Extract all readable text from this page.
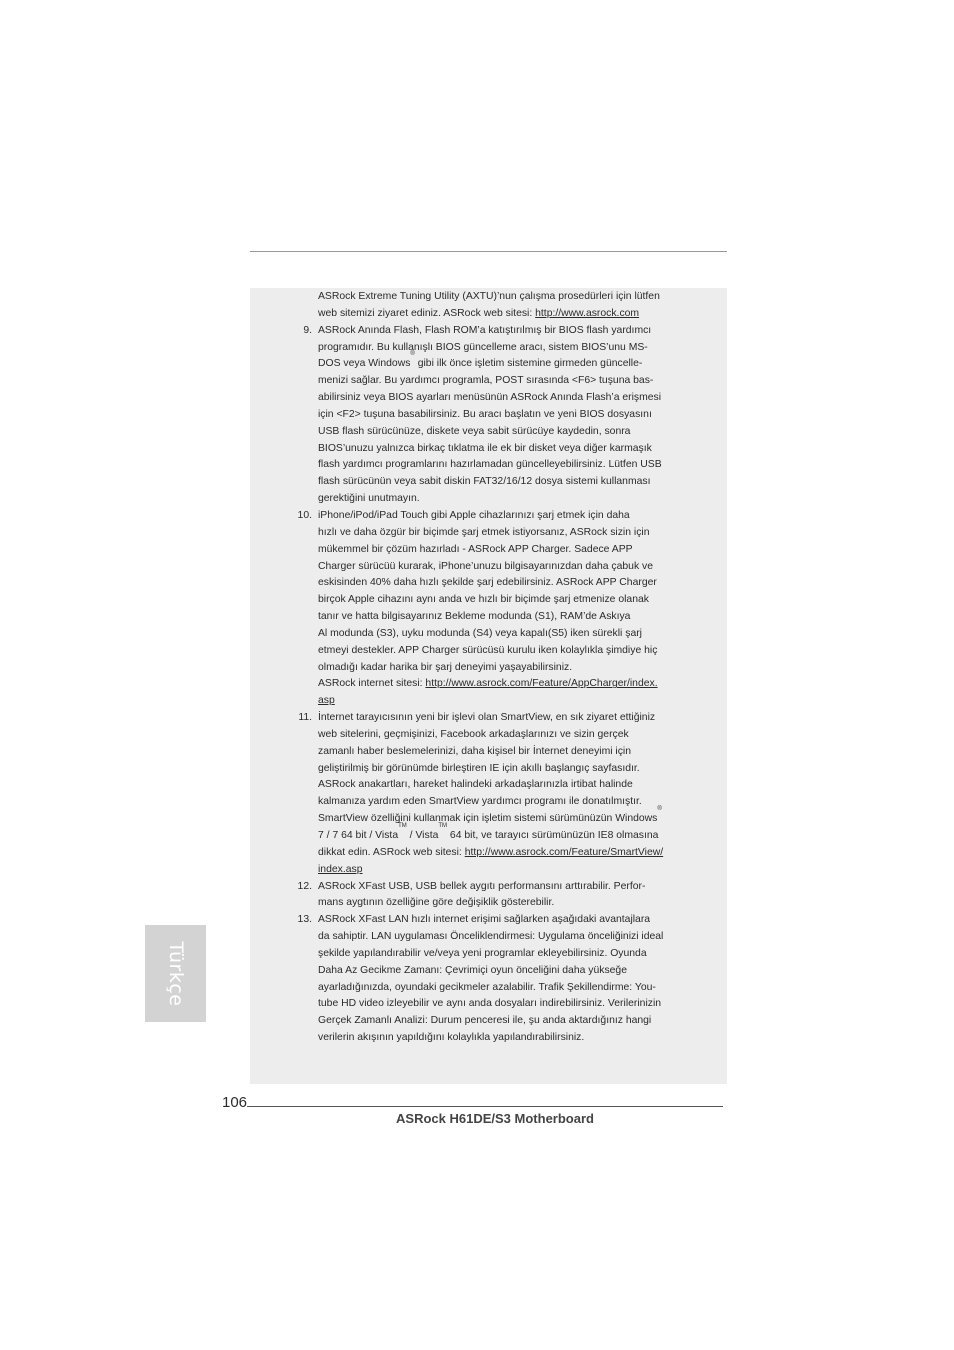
ASRock Extreme Tuning Utility (AXTU)’nun çalışma prosedürleri için lütfen
web sitemizi ziyaret ediniz. ASRock web sitesi: http://www.asrock.com
9. ASRock Anında Flash, Flash ROM’a katıştırılmış bir BIOS flash yardımcı
programıdır. Bu kullanışlı BIOS güncelleme aracı, sistem BIOS’unu MS-
DOS veya Windows® gibi ilk önce işletim sistemine girmeden güncelle-
menizi sağlar. Bu yardımcı programla, POST sırasında <F6> tuşuna bas-
abilirsiniz veya BIOS ayarları menüsünün ASRock Anında Flash’a erişmesi
için <F2> tuşuna basabilirsiniz. Bu aracı başlatın ve yeni BIOS dosyasını
USB flash sürücünüze, diskete veya sabit sürücüye kaydedin, sonra
BIOS’unuzu yalnızca birkaç tıklatma ile ek bir disket veya diğer karmaşık
flash yardımcı programlarını hazırlamadan güncelleyebilirsiniz. Lütfen USB
flash sürücünün veya sabit diskin FAT32/16/12 dosya sistemi kullanması
gerektiğini unutmayın.
10. iPhone/iPod/iPad Touch gibi Apple cihazlarınızı şarj etmek için daha
hızlı ve daha özgür bir biçimde şarj etmek istiyorsanız, ASRock sizin için
mükemmel bir çözüm hazırladı - ASRock APP Charger. Sadece APP
Charger sürücüü kurarak, iPhone’unuzu bilgisayarınızdan daha çabuk ve
eskisinden 40% daha hızlı şekilde şarj edebilirsiniz. ASRock APP Charger
birçok Apple cihazını aynı anda ve hızlı bir biçimde şarj etmenize olanak
tanır ve hatta bilgisayarınız Bekleme modunda (S1), RAM’de Askıya
Al modunda (S3), uyku modunda (S4) veya kapalı(S5) iken sürekli şarj
etmeyi destekler. APP Charger sürücüsü kurulu iken kolaylıkla şimdiye hiç
olmadığı kadar harika bir şarj deneyimi yaşayabilirsiniz.
ASRock internet sitesi: http://www.asrock.com/Feature/AppCharger/index.
asp
11. İnternet tarayıcısının yeni bir işlevi olan SmartView, en sık ziyaret ettiğiniz
web sitelerini, geçmişinizi, Facebook arkadaşlarınızı ve sizin gerçek
zamanlı haber beslemelerinizi, daha kişisel bir İnternet deneyimi için
geliştirilmiş bir görünümde birleştiren IE için akıllı başlangıç sayfasıdır.
ASRock anakartları, hareket halindeki arkadaşlarınızla irtibat halinde
kalmanıza yardım eden SmartView yardımcı programı ile donatılmıştır.
SmartView özelliğini kullanmak için işletim sistemi sürümünüzün Windows®
7 / 7 64 bit / Vista™ / Vista™ 64 bit, ve tarayıcı sürümünüzün IE8 olmasına
dikkat edin. ASRock web sitesi: http://www.asrock.com/Feature/SmartView/
index.asp
12. ASRock XFast USB, USB bellek aygıtı performansını arttırabilir. Perfor-
mans aygtının özelliğine göre değişiklik gösterebilir.
13. ASRock XFast LAN hızlı internet erişimi sağlarken aşağıdaki avantajlara
da sahiptir. LAN uygulaması Önceliklendirmesi: Uygulama önceliğinizi ideal
şekilde yapılandırabilir ve/veya yeni programlar ekleyebilirsiniz. Oyunda
Daha Az Gecikme Zamanı: Çevrimiçi oyun önceliğini daha yükseğe
ayarladığınızda, oyundaki gecikmeler azalabilir. Trafik Şekillendirme: You-
tube HD video izleyebilir ve aynı anda dosyaları indirebilirsiniz. Verilerinizin
Gerçek Zamanlı Analizi: Durum penceresi ile, şu anda aktardığınız hangi
verilerin akışının yapıldığını kolaylıkla yapılandırabilirsiniz.
Türkçe
106
ASRock H61DE/S3 Motherboard
